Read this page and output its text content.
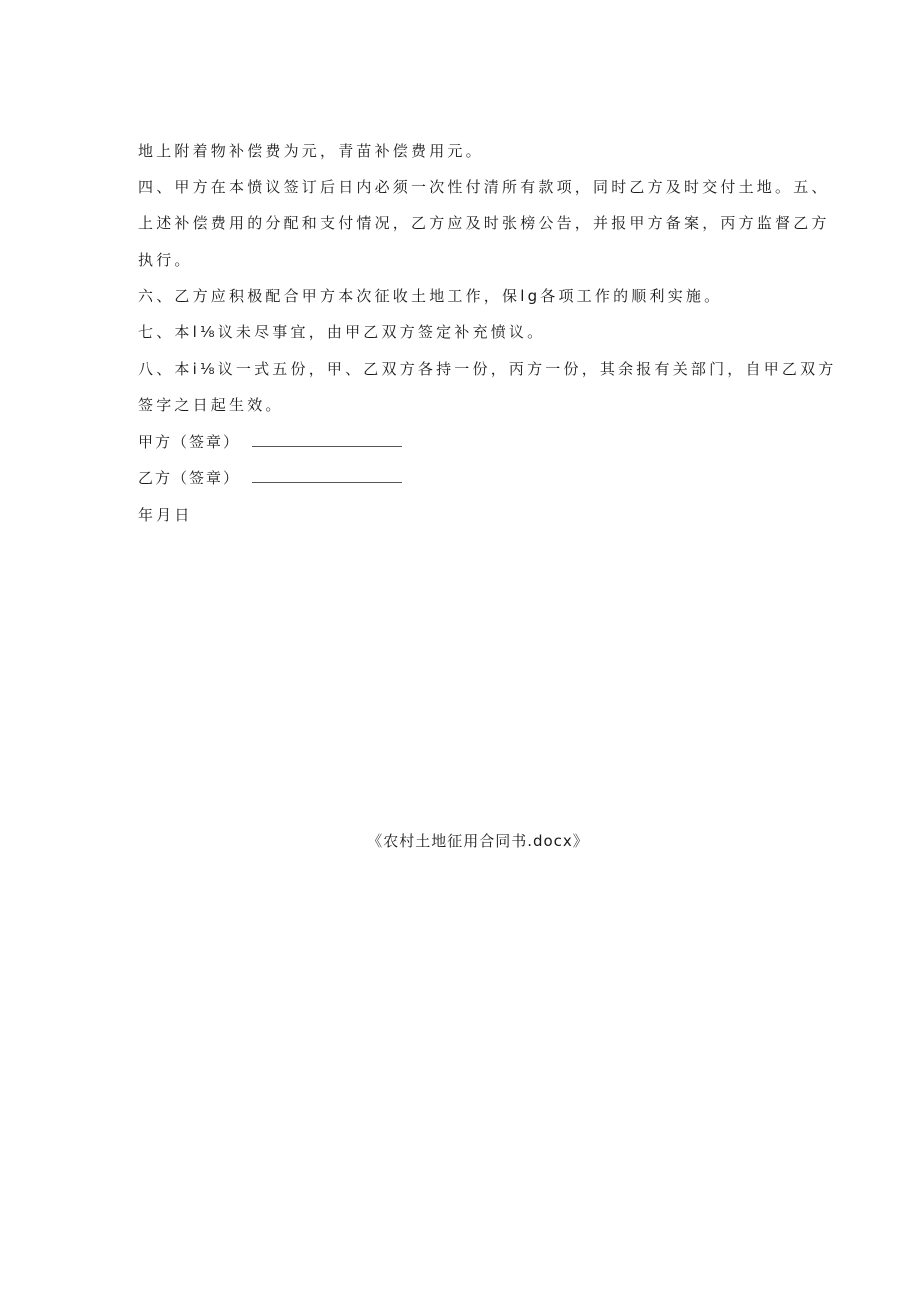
地上附着物补偿费为元，青苗补偿费用元。
四、甲方在本愤议签订后日内必须一次性付清所有款项，同时乙方及时交付土地。五、
上述补偿费用的分配和支付情况，乙方应及时张榜公告，并报甲方备案，丙方监督乙方
执行。
六、乙方应积极配合甲方本次征收土地工作，保lg各项工作的顺利实施。
七、本l⅛议未尽事宜，由甲乙双方签定补充愤议。
八、本i⅛议一式五份，甲、乙双方各持一份，丙方一份，其余报有关部门，自甲乙双方
签字之日起生效。
甲方（签章）
乙方（签章）
年月日
《农村土地征用合同书.docx》
